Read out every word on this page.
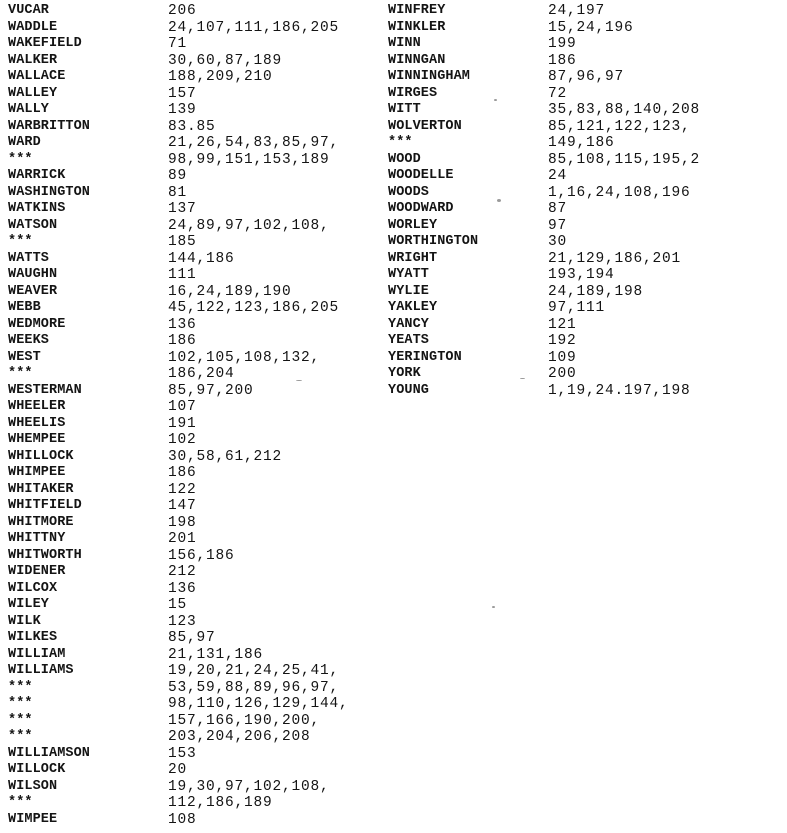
VUCAR	206
WADDLE	24,107,111,186,205
WAKEFIELD	71
WALKER	30,60,87,189
WALLACE	188,209,210
WALLEY	157
WALLY	139
WARBRITTON	83.85
WARD	21,26,54,83,85,97,
***	98,99,151,153,189
WARRICK	89
WASHINGTON	81
WATKINS	137
WATSON	24,89,97,102,108,
***	185
WATTS	144,186
WAUGHN	111
WEAVER	16,24,189,190
WEBB	45,122,123,186,205
WEDMORE	136
WEEKS	186
WEST	102,105,108,132,
***	186,204
WESTERMAN	85,97,200
WHEELER	107
WHEELIS	191
WHEMPEE	102
WHILLOCK	30,58,61,212
WHIMPEE	186
WHITAKER	122
WHITFIELD	147
WHITMORE	198
WHITTNY	201
WHITWORTH	156,186
WIDENER	212
WILCOX	136
WILEY	15
WILK	123
WILKES	85,97
WILLIAM	21,131,186
WILLIAMS	19,20,21,24,25,41,
***	53,59,88,89,96,97,
***	98,110,126,129,144,
***	157,166,190,200,
***	203,204,206,208
WILLIAMSON	153
WILLOCK	20
WILSON	19,30,97,102,108,
***	112,186,189
WIMPEE	108
WINFREY	24,197
WINKLER	15,24,196
WINN	199
WINNGAN	186
WINNINGHAM	87,96,97
WIRGES	72
WITT	35,83,88,140,208
WOLVERTON	85,121,122,123,
***	149,186
WOOD	85,108,115,195,2
WOODELLE	24
WOODS	1,16,24,108,196
WOODWARD	87
WORLEY	97
WORTHINGTON	30
WRIGHT	21,129,186,201
WYATT	193,194
WYLIE	24,189,198
YAKLEY	97,111
YANCY	121
YEATS	192
YERINGTON	109
YORK	200
YOUNG	1,19,24.197,198
